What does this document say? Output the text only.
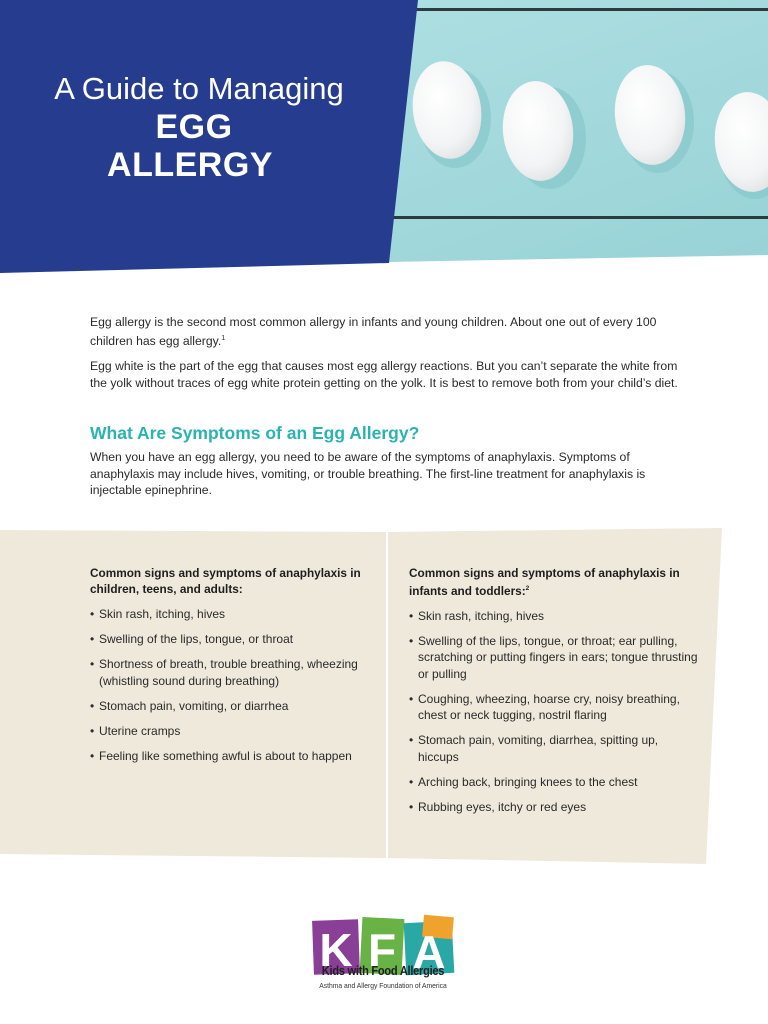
A Guide to Managing
EGG
ALLERGY

Egg allergy is the second most common allergy in infants and young children. About one out of every 100 children has egg allergy.$^1$

Egg white is the part of the egg that causes most egg allergy reactions. But you can’t separate the white from the yolk without traces of egg white protein getting on the yolk. It is best to remove both from your child’s diet.

What Are Symptoms of an Egg Allergy?

When you have an egg allergy, you need to be aware of the symptoms of anaphylaxis. Symptoms of anaphylaxis may include hives, vomiting, or trouble breathing. The first-line treatment for anaphylaxis is injectable epinephrine.

Common signs and symptoms of anaphylaxis in children, teens, and adults:
• Skin rash, itching, hives
• Swelling of the lips, tongue, or throat
• Shortness of breath, trouble breathing, wheezing (whistling sound during breathing)
• Stomach pain, vomiting, or diarrhea
• Uterine cramps
• Feeling like something awful is about to happen
Common signs and symptoms of anaphylaxis in infants and toddlers:$^2$
• Skin rash, itching, hives
• Swelling of the lips, tongue, or throat; ear pulling, scratching or putting fingers in ears; tongue thrusting or pulling
• Coughing, wheezing, hoarse cry, noisy breathing, chest or neck tugging, nostril flaring
• Stomach pain, vomiting, diarrhea, spitting up, hiccups
• Arching back, bringing knees to the chest
• Rubbing eyes, itchy or red eyes
K F A
Kids with Food Allergies
Asthma and Allergy Foundation of America
